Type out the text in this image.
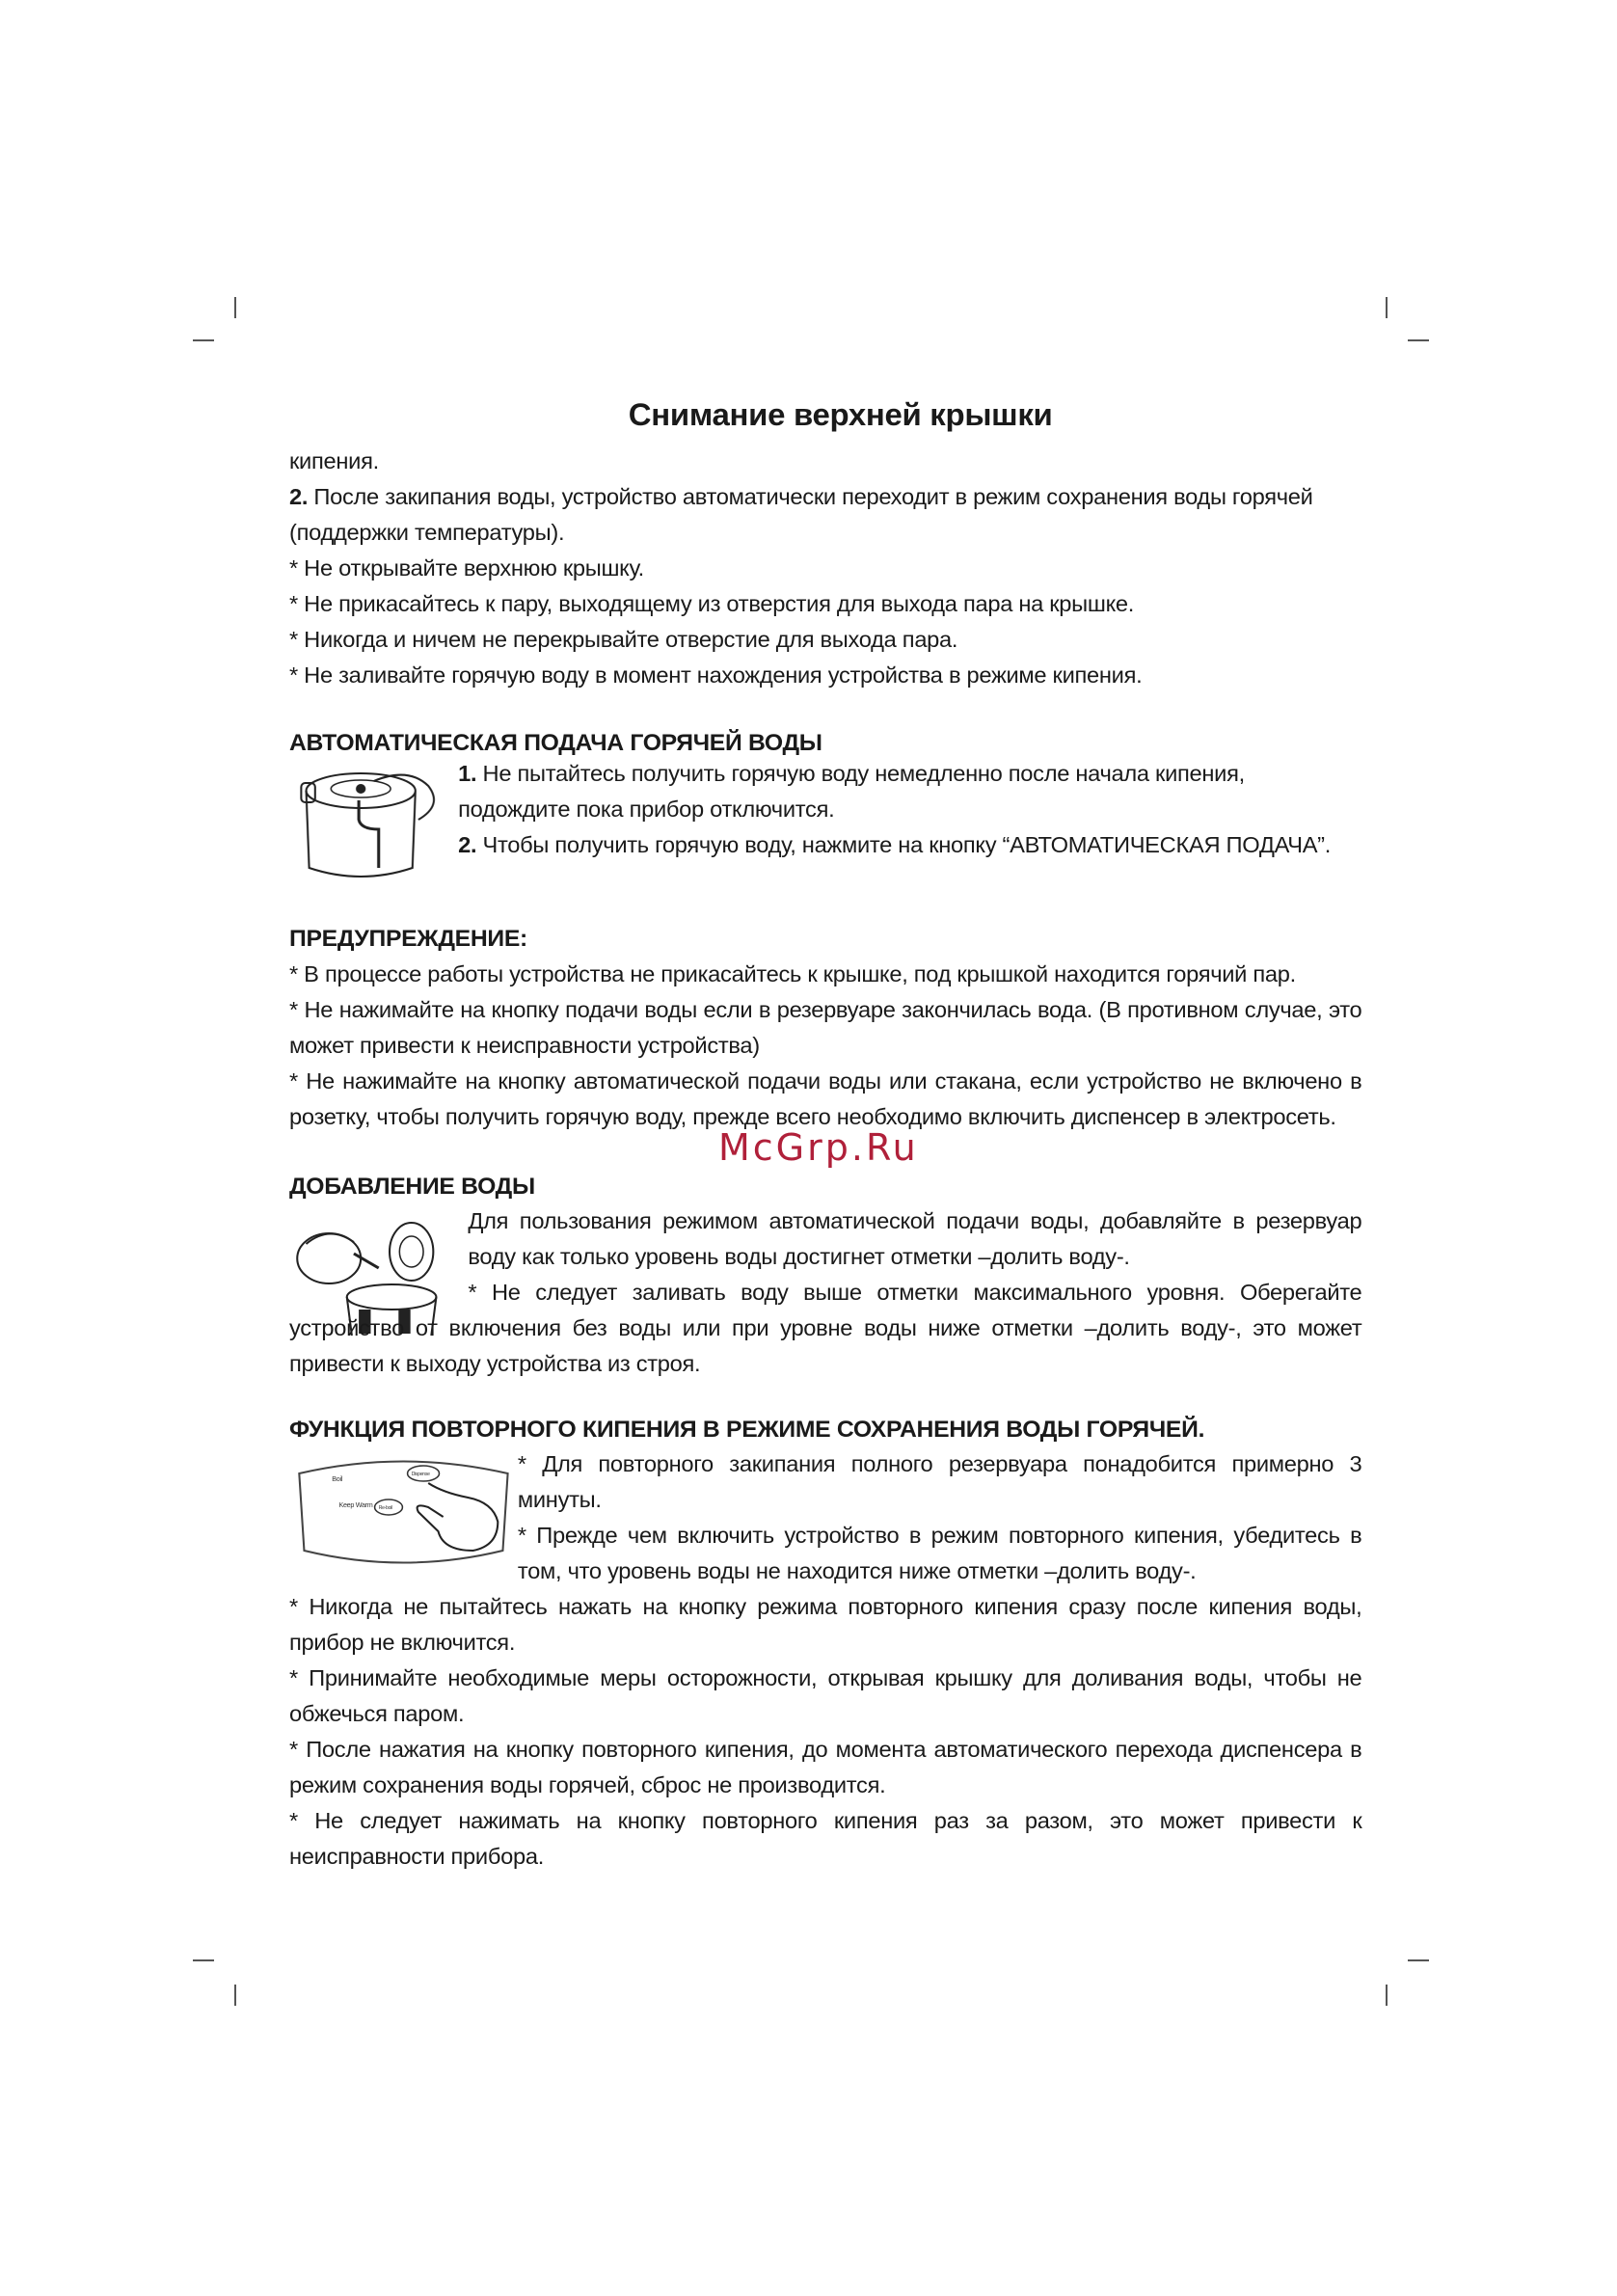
Снимание верхней крышки
кипения.
2. После закипания воды, устройство автоматически переходит в режим сохранения воды горячей (поддержки температуры).
* Не открывайте верхнюю крышку.
* Не прикасайтесь к пару, выходящему из отверстия для выхода пара на крышке.
* Никогда и ничем не перекрывайте отверстие для выхода пара.
* Не заливайте горячую воду в момент нахождения устройства в режиме кипения.
АВТОМАТИЧЕСКАЯ ПОДАЧА ГОРЯЧЕЙ ВОДЫ
1. Не пытайтесь получить горячую воду немедленно после начала кипения, подождите пока прибор отключится.
2. Чтобы получить горячую воду, нажмите на кнопку “АВТОМАТИЧЕСКАЯ ПОДАЧА”.
ПРЕДУПРЕЖДЕНИЕ:
* В процессе работы устройства не прикасайтесь к крышке, под крышкой находится горячий пар.
* Не нажимайте на кнопку подачи воды если в резервуаре закончилась вода. (В противном случае, это может привести к неисправности устройства)
* Не нажимайте на кнопку автоматической подачи воды или стакана, если устройство не включено в розетку, чтобы получить горячую воду, прежде всего необходимо включить диспенсер в электросеть.
ДОБАВЛЕНИЕ ВОДЫ
Для пользования режимом автоматической подачи воды, добавляйте в резервуар воду как только уровень воды достигнет отметки –долить воду-.
* Не следует заливать воду выше отметки максимального уровня. Оберегайте устройство от включения без воды или при уровне воды ниже отметки –долить воду-, это может привести к выходу устройства из строя.
ФУНКЦИЯ ПОВТОРНОГО КИПЕНИЯ В РЕЖИМЕ СОХРАНЕНИЯ ВОДЫ ГОРЯЧЕЙ.
Boil
Keep Warm
Dispense
Re-boil
* Для повторного закипания полного резервуара понадобится примерно 3 минуты.
* Прежде чем включить устройство в режим повторного кипения, убедитесь в том, что уровень воды не находится ниже отметки –долить воду-.
* Никогда не пытайтесь нажать на кнопку режима повторного кипения сразу после кипения воды, прибор не включится.
* Принимайте необходимые меры осторожности, открывая крышку для доливания воды, чтобы не обжечься паром.
* После нажатия на кнопку повторного кипения, до момента автоматического перехода диспенсера в режим сохранения воды горячей, сброс не производится.
* Не следует нажимать на кнопку повторного кипения раз за разом, это может привести к неисправности прибора.
McGrp.Ru
